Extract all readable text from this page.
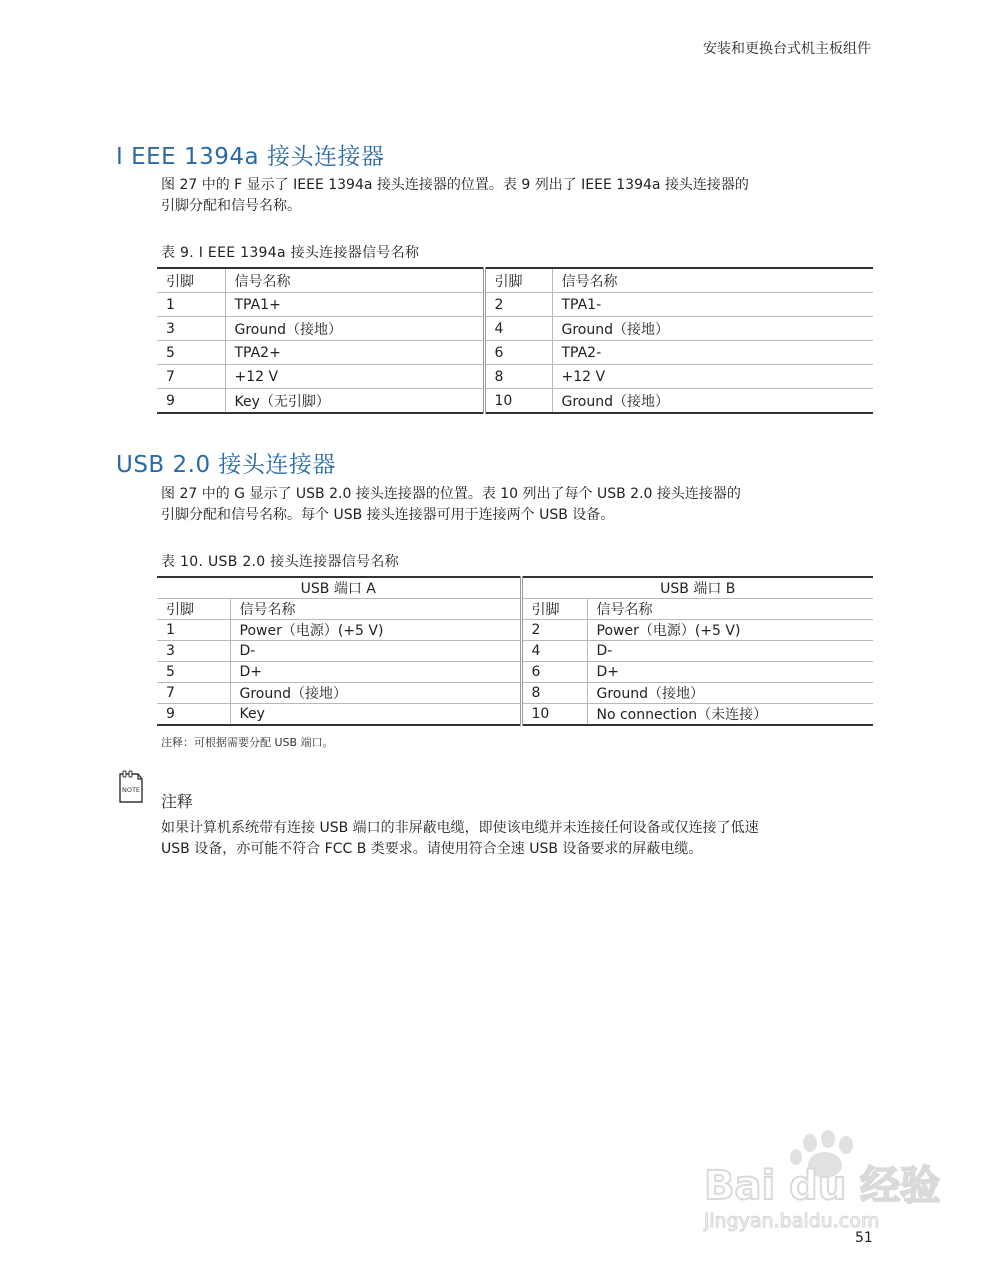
安装和更换台式机主板组件
I EEE 1394a 接头连接器
图 27 中的 F 显示了 IEEE 1394a 接头连接器的位置。表 9 列出了 IEEE 1394a 接头连接器的
引脚分配和信号名称。
表 9. I EEE 1394a 接头连接器信号名称
引脚	信号名称	引脚	信号名称
1	TPA1+	2	TPA1-
3	Ground（接地）	4	Ground（接地）
5	TPA2+	6	TPA2-
7	+12 V	8	+12 V
9	Key（无引脚）	10	Ground（接地）
USB 2.0 接头连接器
图 27 中的 G 显示了 USB 2.0 接头连接器的位置。表 10 列出了每个 USB 2.0 接头连接器的
引脚分配和信号名称。每个 USB 接头连接器可用于连接两个 USB 设备。
表 10. USB 2.0 接头连接器信号名称
USB 端口 A		USB 端口 B	
引脚	信号名称	引脚	信号名称
1	Power（电源）(+5 V)	2	Power（电源）(+5 V)
3	D-	4	D-
5	D+	6	D+
7	Ground（接地）	8	Ground（接地）
9	Key	10	No connection（未连接）
注释：可根据需要分配 USB 端口。
NOTE
注释
如果计算机系统带有连接 USB 端口的非屏蔽电缆，即使该电缆并未连接任何设备或仅连接了低速
USB 设备，亦可能不符合 FCC B 类要求。请使用符合全速 USB 设备要求的屏蔽电缆。
Bai du 经验
jingyan.baidu.com
51
